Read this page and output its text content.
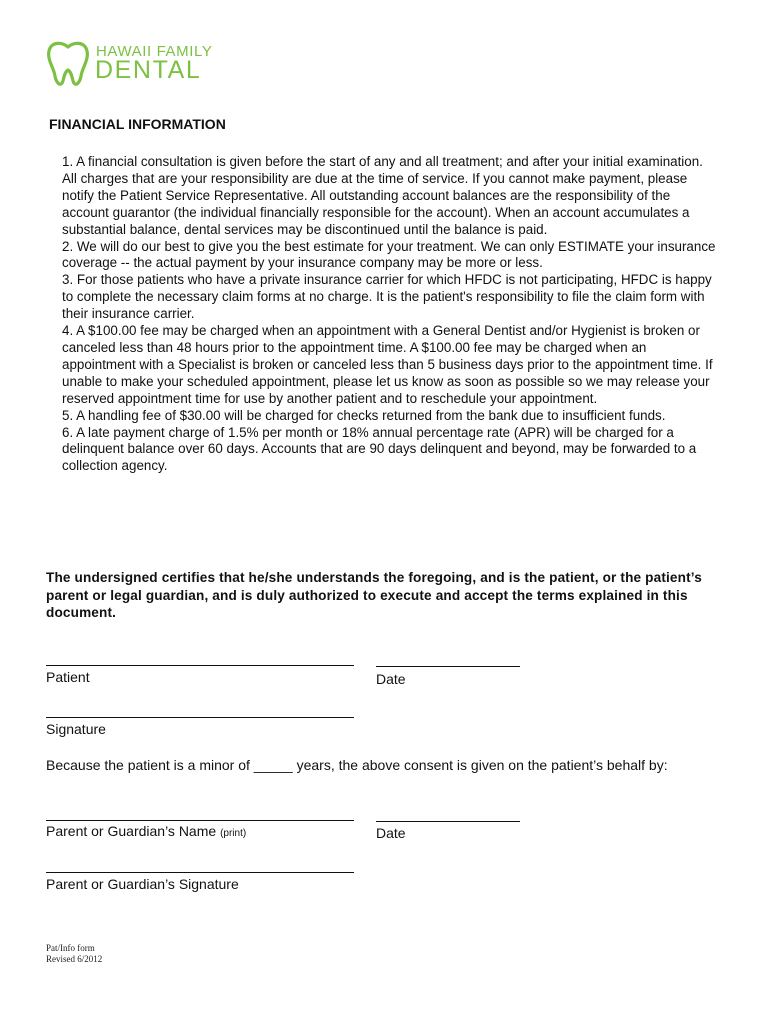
HAWAII FAMILY
DENTAL
FINANCIAL INFORMATION

1. A financial consultation is given before the start of any and all treatment; and after your initial examination. All charges that are your responsibility are due at the time of service. If you cannot make payment, please notify the Patient Service Representative. All outstanding account balances are the responsibility of the account guarantor (the individual financially responsible for the account). When an account accumulates a substantial balance, dental services may be discontinued until the balance is paid.

2. We will do our best to give you the best estimate for your treatment. We can only ESTIMATE your insurance coverage -- the actual payment by your insurance company may be more or less.

3. For those patients who have a private insurance carrier for which HFDC is not participating, HFDC is happy to complete the necessary claim forms at no charge. It is the patient's responsibility to file the claim form with their insurance carrier.

4. A $100.00 fee may be charged when an appointment with a General Dentist and/or Hygienist is broken or canceled less than 48 hours prior to the appointment time. A $100.00 fee may be charged when an appointment with a Specialist is broken or canceled less than 5 business days prior to the appointment time. If unable to make your scheduled appointment, please let us know as soon as possible so we may release your reserved appointment time for use by another patient and to reschedule your appointment.

5. A handling fee of $30.00 will be charged for checks returned from the bank due to insufficient funds.

6. A late payment charge of 1.5% per month or 18% annual percentage rate (APR) will be charged for a delinquent balance over 60 days. Accounts that are 90 days delinquent and beyond, may be forwarded to a collection agency.

The undersigned certifies that he/she understands the foregoing, and is the patient, or the patient’s parent or legal guardian, and is duly authorized to execute and accept the terms explained in this document.

Patient	Date
Signature

Because the patient is a minor of _____ years, the above consent is given on the patient’s behalf by:

Parent or Guardian’s Name (print)	Date
Parent or Guardian’s Signature
Pat/Info form
Revised 6/2012
